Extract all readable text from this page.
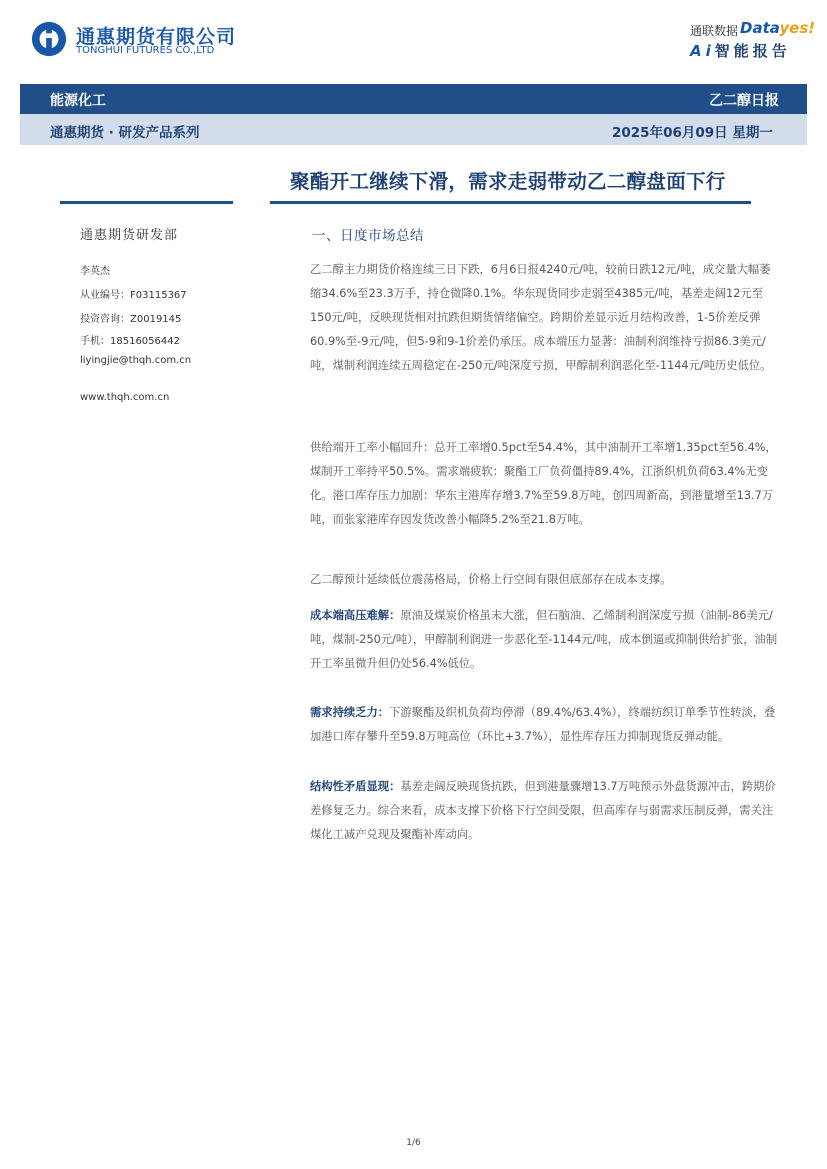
通惠期货有限公司
TONGHUI FUTURES CO.,LTD
通联数据 Datayes!
Ai智能报告
能源化工	乙二醇日报
通惠期货 · 研发产品系列	2025年06月09日 星期一
聚酯开工继续下滑，需求走弱带动乙二醇盘面下行
通惠期货研发部
李英杰
从业编号：F03115367
投资咨询：Z0019145
手机：18516056442
liyingjie@thqh.com.cn
www.thqh.com.cn
一、日度市场总结

乙二醇主力期货价格连续三日下跌，6月6日报4240元/吨，较前日跌12元/吨，成交量大幅萎缩34.6%至23.3万手，持仓微降0.1%。华东现货同步走弱至4385元/吨，基差走阔12元至150元/吨，反映现货相对抗跌但期货情绪偏空。跨期价差显示近月结构改善，1-5价差反弹60.9%至-9元/吨，但5-9和9-1价差仍承压。成本端压力显著：油制利润维持亏损86.3美元/吨，煤制利润连续五周稳定在-250元/吨深度亏损，甲醇制利润恶化至-1144元/吨历史低位。

供给端开工率小幅回升：总开工率增0.5pct至54.4%，其中油制开工率增1.35pct至56.4%，煤制开工率持平50.5%。需求端疲软：聚酯工厂负荷僵持89.4%，江浙织机负荷63.4%无变化。港口库存压力加剧：华东主港库存增3.7%至59.8万吨，创四周新高，到港量增至13.7万吨，而张家港库存因发货改善小幅降5.2%至21.8万吨。

乙二醇预计延续低位震荡格局，价格上行空间有限但底部存在成本支撑。

成本端高压难解：原油及煤炭价格虽未大涨，但石脑油、乙烯制利润深度亏损（油制-86美元/吨，煤制-250元/吨），甲醇制利润进一步恶化至-1144元/吨，成本倒逼或抑制供给扩张，油制开工率虽微升但仍处56.4%低位。

需求持续乏力：下游聚酯及织机负荷均停滞（89.4%/63.4%），终端纺织订单季节性转淡，叠加港口库存攀升至59.8万吨高位（环比+3.7%），显性库存压力抑制现货反弹动能。

结构性矛盾显现：基差走阔反映现货抗跌，但到港量骤增13.7万吨预示外盘货源冲击，跨期价差修复乏力。综合来看，成本支撑下价格下行空间受限，但高库存与弱需求压制反弹，需关注煤化工减产兑现及聚酯补库动向。

1/6
